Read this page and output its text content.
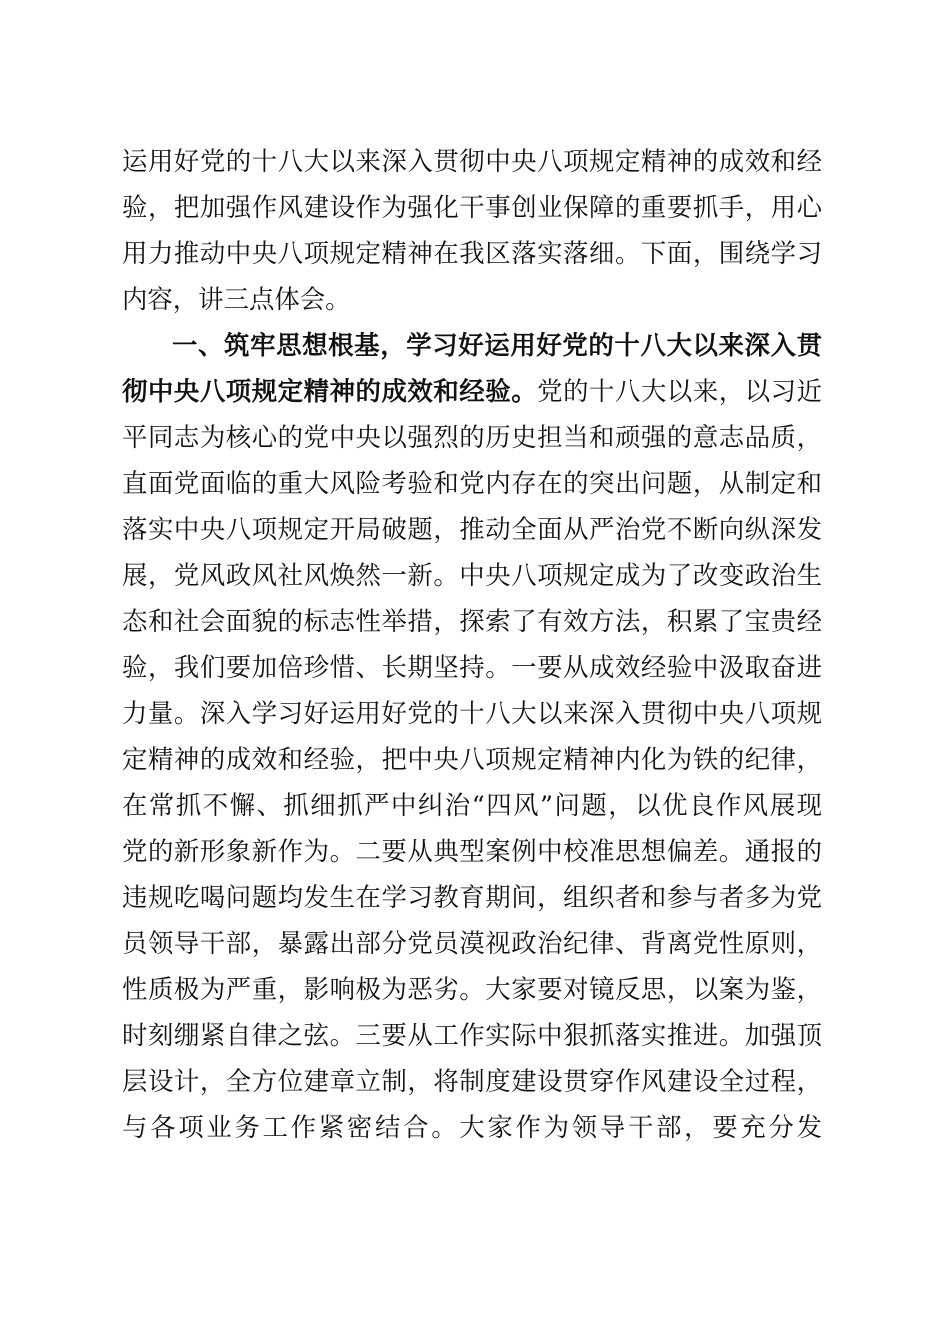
运用好党的十八大以来深入贯彻中央八项规定精神的成效和经
验，把加强作风建设作为强化干事创业保障的重要抓手，用心
用力推动中央八项规定精神在我区落实落细。下面，围绕学习
内容，讲三点体会。
一、筑牢思想根基，学习好运用好党的十八大以来深入贯
彻中央八项规定精神的成效和经验。党的十八大以来，以习近
平同志为核心的党中央以强烈的历史担当和顽强的意志品质，
直面党面临的重大风险考验和党内存在的突出问题，从制定和
落实中央八项规定开局破题，推动全面从严治党不断向纵深发
展，党风政风社风焕然一新。中央八项规定成为了改变政治生
态和社会面貌的标志性举措，探索了有效方法，积累了宝贵经
验，我们要加倍珍惜、长期坚持。一要从成效经验中汲取奋进
力量。深入学习好运用好党的十八大以来深入贯彻中央八项规
定精神的成效和经验，把中央八项规定精神内化为铁的纪律，
在常抓不懈、抓细抓严中纠治“四风”问题，以优良作风展现
党的新形象新作为。二要从典型案例中校准思想偏差。通报的
违规吃喝问题均发生在学习教育期间，组织者和参与者多为党
员领导干部，暴露出部分党员漠视政治纪律、背离党性原则，
性质极为严重，影响极为恶劣。大家要对镜反思，以案为鉴，
时刻绷紧自律之弦。三要从工作实际中狠抓落实推进。加强顶
层设计，全方位建章立制，将制度建设贯穿作风建设全过程，
与各项业务工作紧密结合。大家作为领导干部，要充分发
